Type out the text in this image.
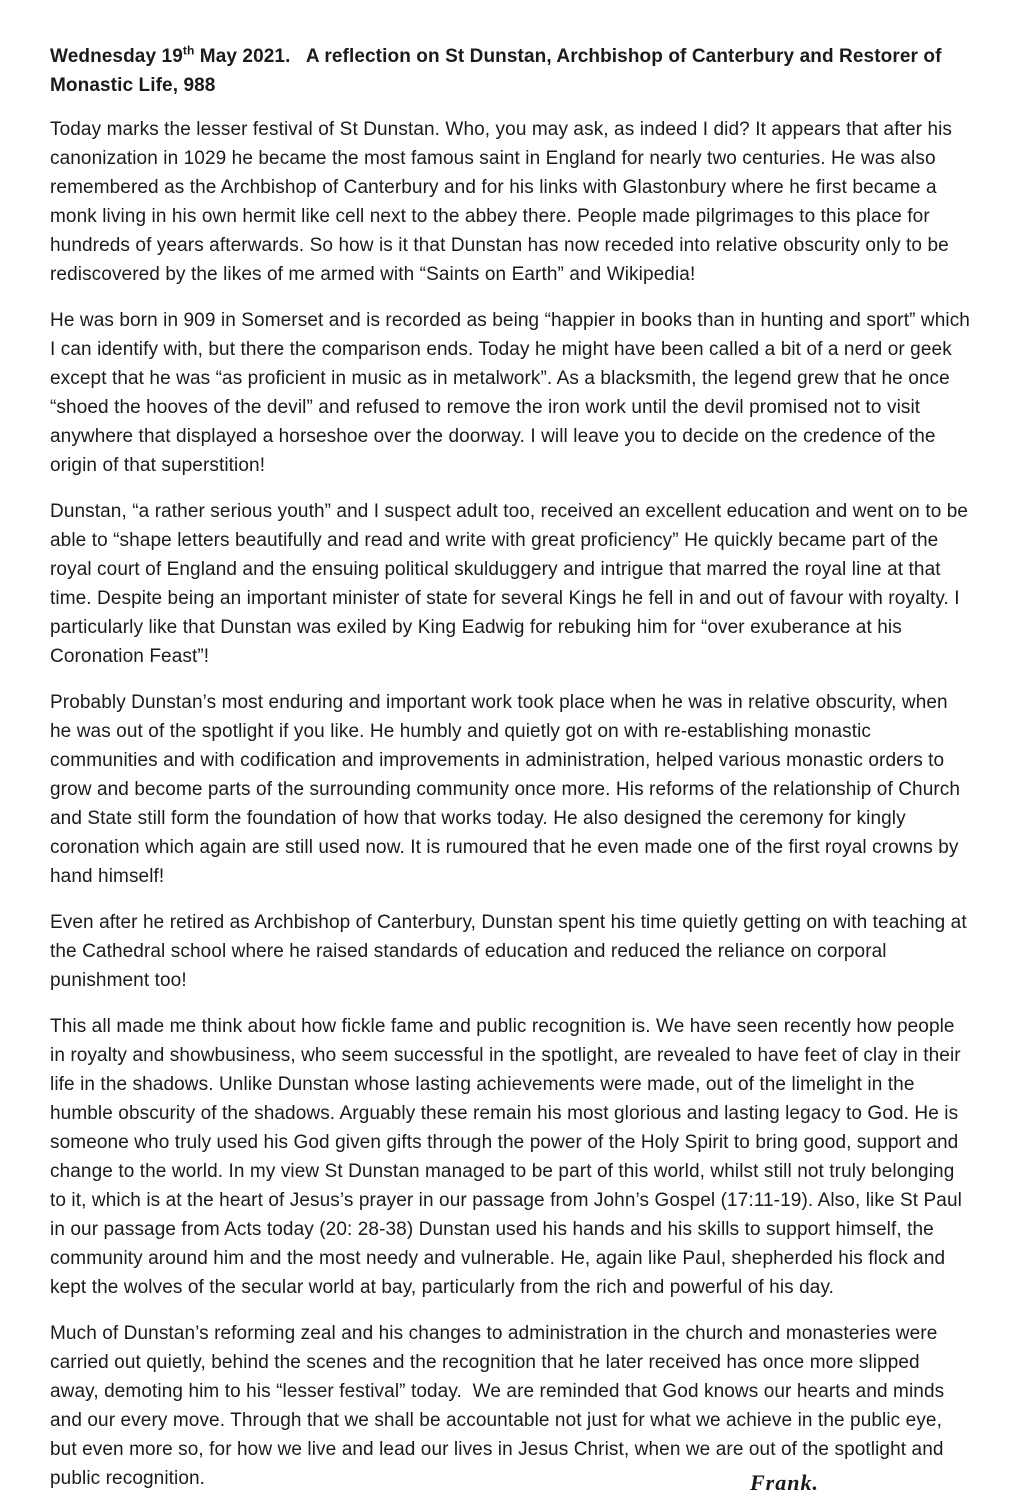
Wednesday 19th May 2021.   A reflection on St Dunstan, Archbishop of Canterbury and Restorer of Monastic Life, 988

Today marks the lesser festival of St Dunstan. Who, you may ask, as indeed I did? It appears that after his canonization in 1029 he became the most famous saint in England for nearly two centuries. He was also remembered as the Archbishop of Canterbury and for his links with Glastonbury where he first became a monk living in his own hermit like cell next to the abbey there. People made pilgrimages to this place for hundreds of years afterwards. So how is it that Dunstan has now receded into relative obscurity only to be rediscovered by the likes of me armed with “Saints on Earth” and Wikipedia!

He was born in 909 in Somerset and is recorded as being “happier in books than in hunting and sport” which I can identify with, but there the comparison ends. Today he might have been called a bit of a nerd or geek except that he was “as proficient in music as in metalwork”. As a blacksmith, the legend grew that he once “shoed the hooves of the devil” and refused to remove the iron work until the devil promised not to visit anywhere that displayed a horseshoe over the doorway. I will leave you to decide on the credence of the origin of that superstition!

Dunstan, “a rather serious youth” and I suspect adult too, received an excellent education and went on to be able to “shape letters beautifully and read and write with great proficiency” He quickly became part of the royal court of England and the ensuing political skulduggery and intrigue that marred the royal line at that time. Despite being an important minister of state for several Kings he fell in and out of favour with royalty. I particularly like that Dunstan was exiled by King Eadwig for rebuking him for “over exuberance at his Coronation Feast”!

Probably Dunstan’s most enduring and important work took place when he was in relative obscurity, when he was out of the spotlight if you like. He humbly and quietly got on with re-establishing monastic communities and with codification and improvements in administration, helped various monastic orders to grow and become parts of the surrounding community once more. His reforms of the relationship of Church and State still form the foundation of how that works today. He also designed the ceremony for kingly coronation which again are still used now. It is rumoured that he even made one of the first royal crowns by hand himself!

Even after he retired as Archbishop of Canterbury, Dunstan spent his time quietly getting on with teaching at the Cathedral school where he raised standards of education and reduced the reliance on corporal punishment too!

This all made me think about how fickle fame and public recognition is. We have seen recently how people in royalty and showbusiness, who seem successful in the spotlight, are revealed to have feet of clay in their life in the shadows. Unlike Dunstan whose lasting achievements were made, out of the limelight in the humble obscurity of the shadows. Arguably these remain his most glorious and lasting legacy to God. He is someone who truly used his God given gifts through the power of the Holy Spirit to bring good, support and change to the world. In my view St Dunstan managed to be part of this world, whilst still not truly belonging to it, which is at the heart of Jesus’s prayer in our passage from John’s Gospel (17:11-19). Also, like St Paul in our passage from Acts today (20: 28-38) Dunstan used his hands and his skills to support himself, the community around him and the most needy and vulnerable. He, again like Paul, shepherded his flock and kept the wolves of the secular world at bay, particularly from the rich and powerful of his day.

Much of Dunstan’s reforming zeal and his changes to administration in the church and monasteries were carried out quietly, behind the scenes and the recognition that he later received has once more slipped away, demoting him to his “lesser festival” today.  We are reminded that God knows our hearts and minds and our every move. Through that we shall be accountable not just for what we achieve in the public eye, but even more so, for how we live and lead our lives in Jesus Christ, when we are out of the spotlight and public recognition.	Frank.
